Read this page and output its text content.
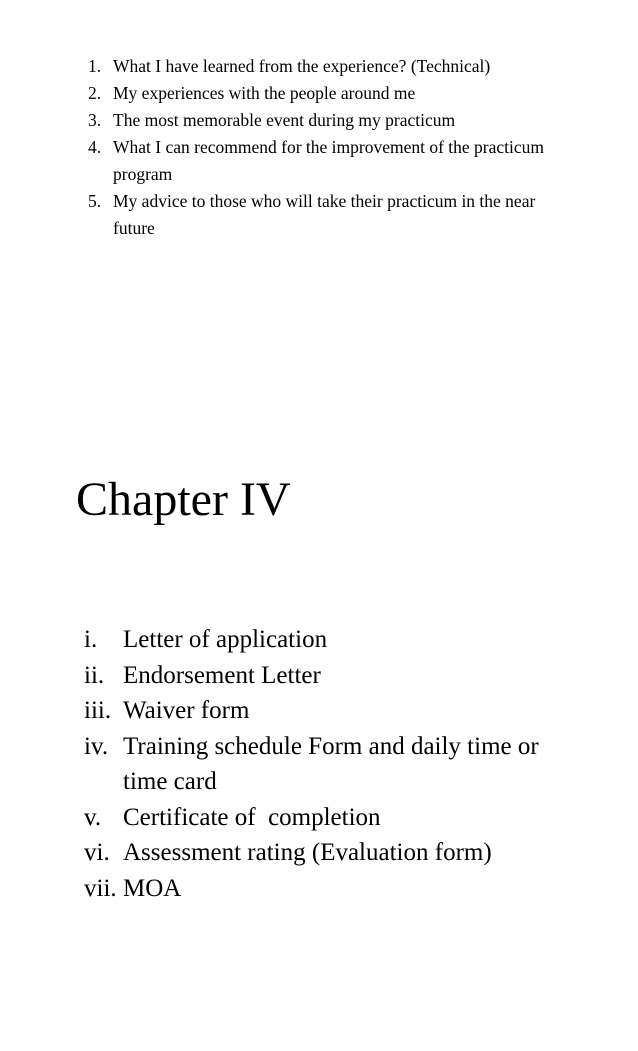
1. What I have learned from the experience? (Technical)
2. My experiences with the people around me
3. The most memorable event during my practicum
4. What I can recommend for the improvement of the practicum program
5. My advice to those who will take their practicum in the near future
Chapter IV
i. Letter of application
ii. Endorsement Letter
iii. Waiver form
iv. Training schedule Form and daily time or time card
v. Certificate of  completion
vi. Assessment rating (Evaluation form)
vii. MOA
